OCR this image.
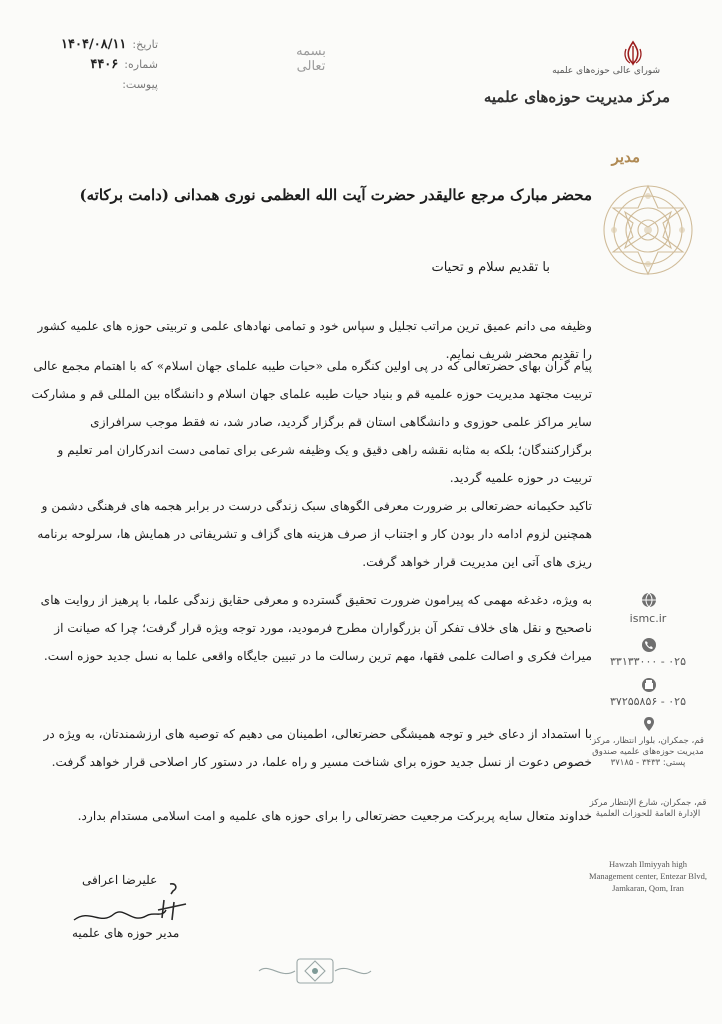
تاریخ:
۱۴۰۴/۰۸/۱۱
شماره:
۴۴۰۶
پیوست:
بسمه تعالی	شورای عالی حوزه‌های علمیه
مرکز مدیریت حوزه‌های علمیه
مدیر
محضر مبارک مرجع عالیقدر حضرت آیت الله العظمی نوری همدانی (دامت برکاته)
با تقدیم سلام و تحیات
وظیفه می دانم عمیق ترین مراتب تجلیل و سپاس خود و تمامی نهادهای علمی و تربیتی حوزه های علمیه کشور را تقدیم محضر شریف نمایم.
پیام گران بهای حضرتعالی که در پی اولین کنگره ملی «حیات طیبه علمای جهان اسلام» که با اهتمام مجمع عالی تربیت مجتهد مدیریت حوزه علمیه قم و بنیاد حیات طیبه علمای جهان اسلام و دانشگاه بین المللی قم و مشارکت سایر مراکز علمی حوزوی و دانشگاهی استان قم برگزار گردید، صادر شد، نه فقط موجب سرافرازی برگزارکنندگان؛ بلکه به مثابه نقشه راهی دقیق و یک وظیفه شرعی برای تمامی دست اندرکاران امر تعلیم و تربیت در حوزه علمیه گردید.
تاکید حکیمانه حضرتعالی بر ضرورت معرفی الگوهای سبک زندگی درست در برابر هجمه های فرهنگی دشمن و همچنین لزوم ادامه دار بودن کار و اجتناب از صرف هزینه های گزاف و تشریفاتی در همایش ها، سرلوحه برنامه ریزی های آتی این مدیریت قرار خواهد گرفت.
به ویژه، دغدغه مهمی که پیرامون ضرورت تحقیق گسترده و معرفی حقایق زندگی علما، با پرهیز از روایت های ناصحیح و نقل های خلاف تفکر آن بزرگواران مطرح فرمودید، مورد توجه ویژه قرار گرفت؛ چرا که صیانت از میراث فکری و اصالت علمی فقها، مهم ترین رسالت ما در تبیین جایگاه واقعی علما به نسل جدید حوزه است.
با استمداد از دعای خیر و توجه همیشگی حضرتعالی، اطمینان می دهیم که توصیه های ارزشمندتان، به ویژه در خصوص دعوت از نسل جدید حوزه برای شناخت مسیر و راه علما، در دستور کار اصلاحی قرار خواهد گرفت.
خداوند متعال سایه پربرکت مرجعیت حضرتعالی را برای حوزه های علمیه و امت اسلامی مستدام بدارد.
علیرضا اعرافی
مدیر حوزه های علمیه
ismc.ir
۰۲۵ - ۳۳۱۳۳۰۰۰
۰۲۵ - ۳۷۲۵۵۸۵۶
قم، جمکران، بلوار انتظار، مرکز مدیریت حوزه‌های علمیه صندوق پستی: ۳۴۳۳ - ۳۷۱۸۵
قم، جمکران، شارع الإنتظار مرکز الإدارة العامة للحوزات العلمیة
Hawzah Ilmiyyah high Management center, Entezar Blvd, Jamkaran, Qom, Iran
